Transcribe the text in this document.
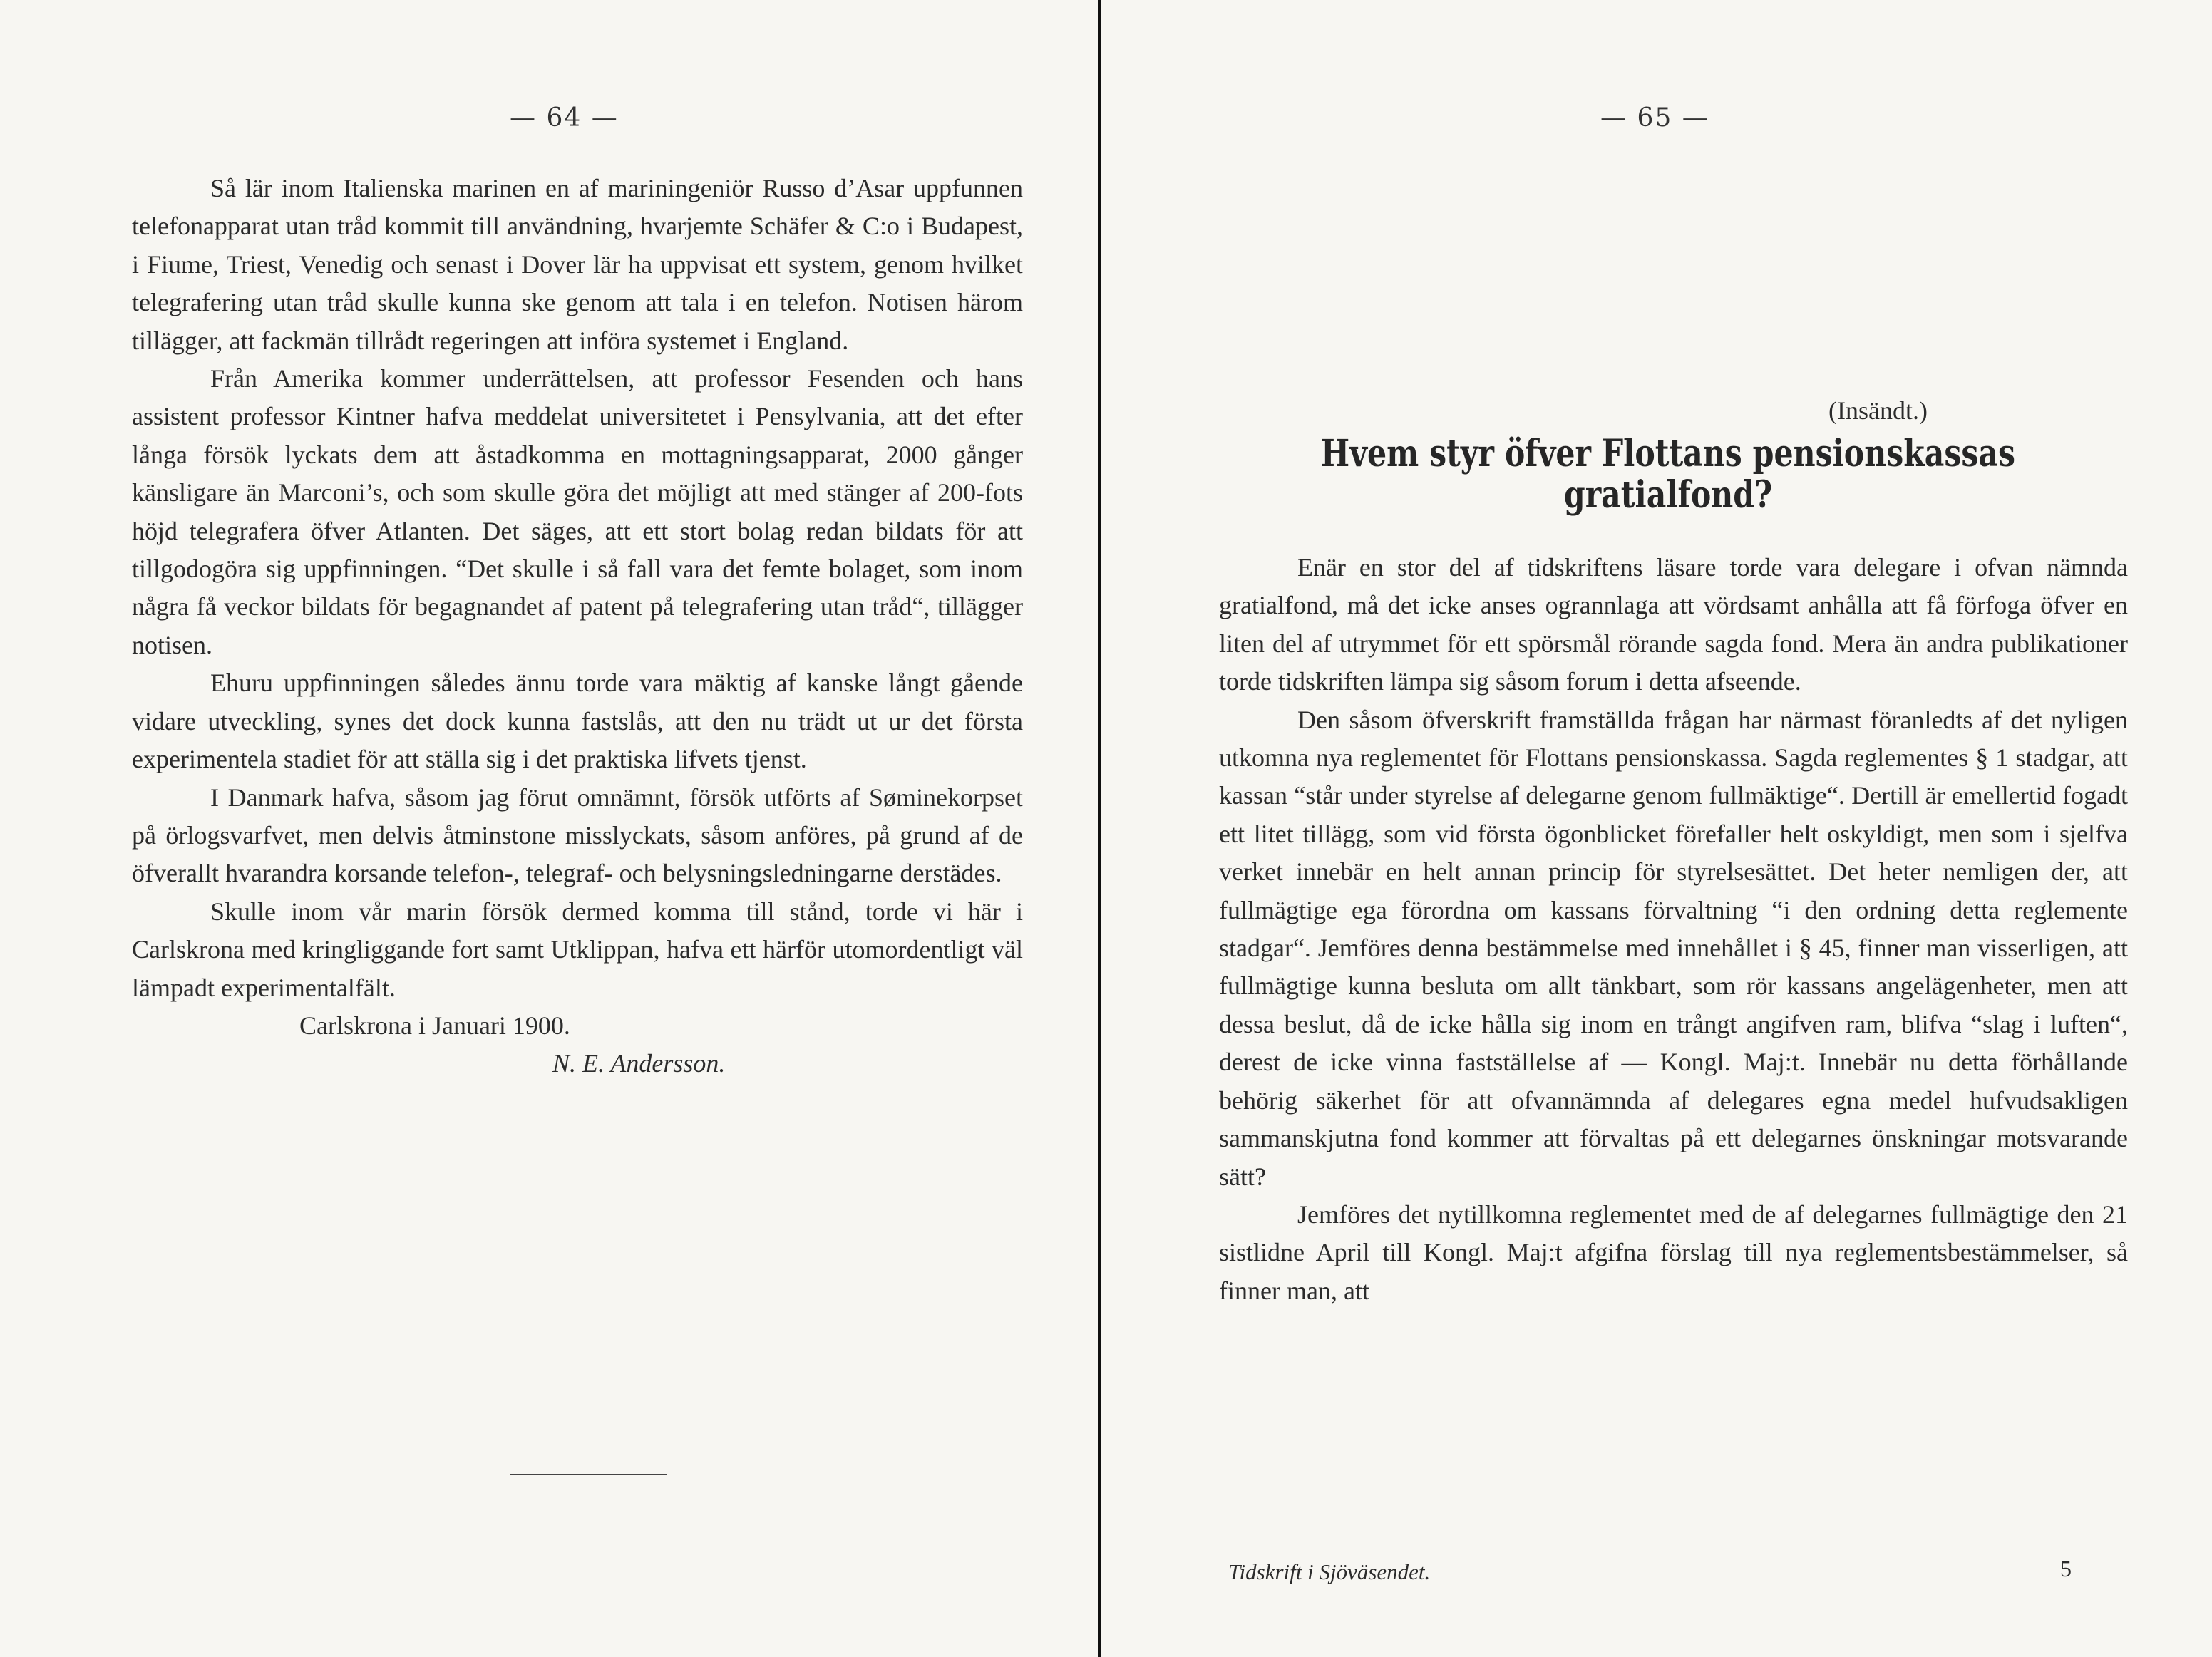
— 64 —

Så lär inom Italienska marinen en af mariningeniör Russo d’Asar uppfunnen telefonapparat utan tråd kommit till användning, hvarjemte Schäfer & C:o i Budapest, i Fiume, Triest, Venedig och senast i Dover lär ha uppvisat ett system, genom hvilket telegrafering utan tråd skulle kunna ske genom att tala i en telefon. Notisen härom tillägger, att fackmän tillrådt regeringen att införa systemet i England.

Från Amerika kommer underrättelsen, att professor Fesenden och hans assistent professor Kintner hafva meddelat universitetet i Pensylvania, att det efter långa försök lyckats dem att åstadkomma en mottagningsapparat, 2000 gånger känsligare än Marconi’s, och som skulle göra det möjligt att med stänger af 200-fots höjd telegrafera öfver Atlanten. Det säges, att ett stort bolag redan bildats för att tillgodogöra sig uppfinningen. “Det skulle i så fall vara det femte bolaget, som inom några få veckor bildats för begagnandet af patent på telegrafering utan tråd“, tillägger notisen.

Ehuru uppfinningen således ännu torde vara mäktig af kanske långt gående vidare utveckling, synes det dock kunna fastslås, att den nu trädt ut ur det första experimentela stadiet för att ställa sig i det praktiska lifvets tjenst.

I Danmark hafva, såsom jag förut omnämnt, försök utförts af Søminekorpset på örlogsvarfvet, men delvis åtminstone misslyckats, såsom anföres, på grund af de öfverallt hvarandra korsande telefon-, telegraf- och belysningsledningarne derstädes.

Skulle inom vår marin försök dermed komma till stånd, torde vi här i Carlskrona med kringliggande fort samt Utklippan, hafva ett härför utomordentligt väl lämpadt experimentalfält.

Carlskrona i Januari 1900.

N. E. Andersson.

— 65 —
(Insändt.)
Hvem styr öfver Flottans pensionskassas gratialfond?

Enär en stor del af tidskriftens läsare torde vara delegare i ofvan nämnda gratialfond, må det icke anses ogrannlaga att vördsamt anhålla att få förfoga öfver en liten del af utrymmet för ett spörsmål rörande sagda fond. Mera än andra publikationer torde tidskriften lämpa sig såsom forum i detta afseende.

Den såsom öfverskrift framställda frågan har närmast föranledts af det nyligen utkomna nya reglementet för Flottans pensionskassa. Sagda reglementes § 1 stadgar, att kassan “står under styrelse af delegarne genom fullmäktige“. Dertill är emellertid fogadt ett litet tillägg, som vid första ögonblicket förefaller helt oskyldigt, men som i sjelfva verket innebär en helt annan princip för styrelsesättet. Det heter nemligen der, att fullmägtige ega förordna om kassans förvaltning “i den ordning detta reglemente stadgar“. Jemföres denna bestämmelse med innehållet i § 45, finner man visserligen, att fullmägtige kunna besluta om allt tänkbart, som rör kassans angelägenheter, men att dessa beslut, då de icke hålla sig inom en trångt angifven ram, blifva “slag i luften“, derest de icke vinna fastställelse af — Kongl. Maj:t. Innebär nu detta förhållande behörig säkerhet för att ofvannämnda af delegares egna medel hufvudsakligen sammanskjutna fond kommer att förvaltas på ett delegarnes önskningar motsvarande sätt?

Jemföres det nytillkomna reglementet med de af delegarnes fullmägtige den 21 sistlidne April till Kongl. Maj:t afgifna förslag till nya reglementsbestämmelser, så finner man, att

Tidskrift i Sjöväsendet.	5
